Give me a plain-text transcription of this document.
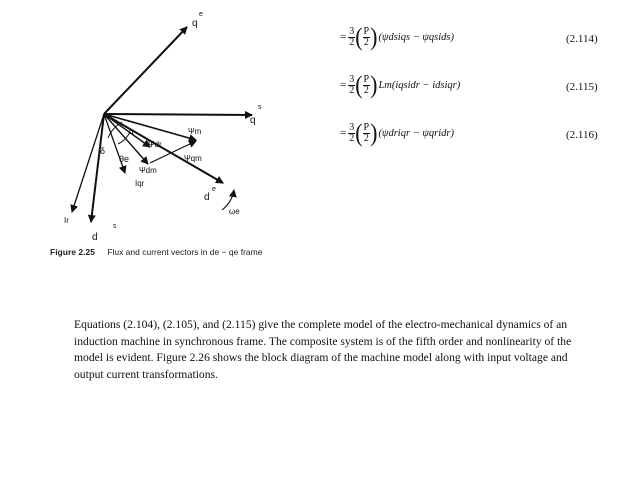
q
e
q
s
Ψm
Ψdr
Ψqm
Ψdm
θe
δ
α
Iqr
Ir
d
s
d
e
ωe
Figure 2.25 Flux and current vectors in de − qe frame
= $\frac{3}{2}$ ( $\frac{P}{2}$ ) (ψdsiqs − ψqsids)	(2.114)
= $\frac{3}{2}$ ( $\frac{P}{2}$ ) Lm(iqsidr − idsiqr)	(2.115)
= $\frac{3}{2}$ ( $\frac{P}{2}$ ) (ψdriqr − ψqridr)	(2.116)

Equations (2.104), (2.105), and (2.115) give the complete model of the electro-mechanical dynamics of an induction machine in synchronous frame. The composite system is of the fifth order and nonlinearity of the model is evident. Figure 2.26 shows the block diagram of the machine model along with input voltage and output current transformations.
